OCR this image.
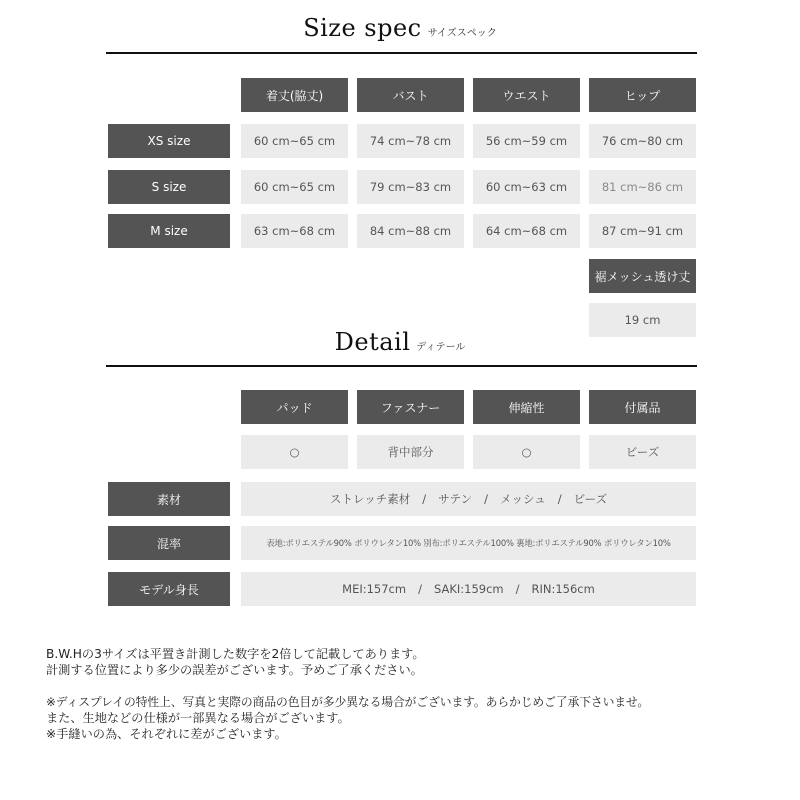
Size spec サイズスペック
着丈(脇丈)	バスト	ウエスト	ヒップ
XS size	60 cm~65 cm	74 cm~78 cm	56 cm~59 cm	76 cm~80 cm
S size	60 cm~65 cm	79 cm~83 cm	60 cm~63 cm	81 cm~86 cm
M size	63 cm~68 cm	84 cm~88 cm	64 cm~68 cm	87 cm~91 cm
裾メッシュ透け丈
19 cm
Detail ディテール
パッド	ファスナー	伸縮性	付属品
○	背中部分	○	ビーズ
素材	ストレッチ素材 / サテン / メッシュ / ビーズ
混率	表地:ポリエステル90% ポリウレタン10% 別布:ポリエステル100% 裏地:ポリエステル90% ポリウレタン10%
モデル身長	MEI:157cm / SAKI:159cm / RIN:156cm
B.W.Hの3サイズは平置き計測した数字を2倍して記載してあります。
計測する位置により多少の誤差がございます。予めご了承ください。
※ディスプレイの特性上、写真と実際の商品の色目が多少異なる場合がございます。あらかじめご了承下さいませ。
また、生地などの仕様が一部異なる場合がございます。
※手縫いの為、それぞれに差がございます。
